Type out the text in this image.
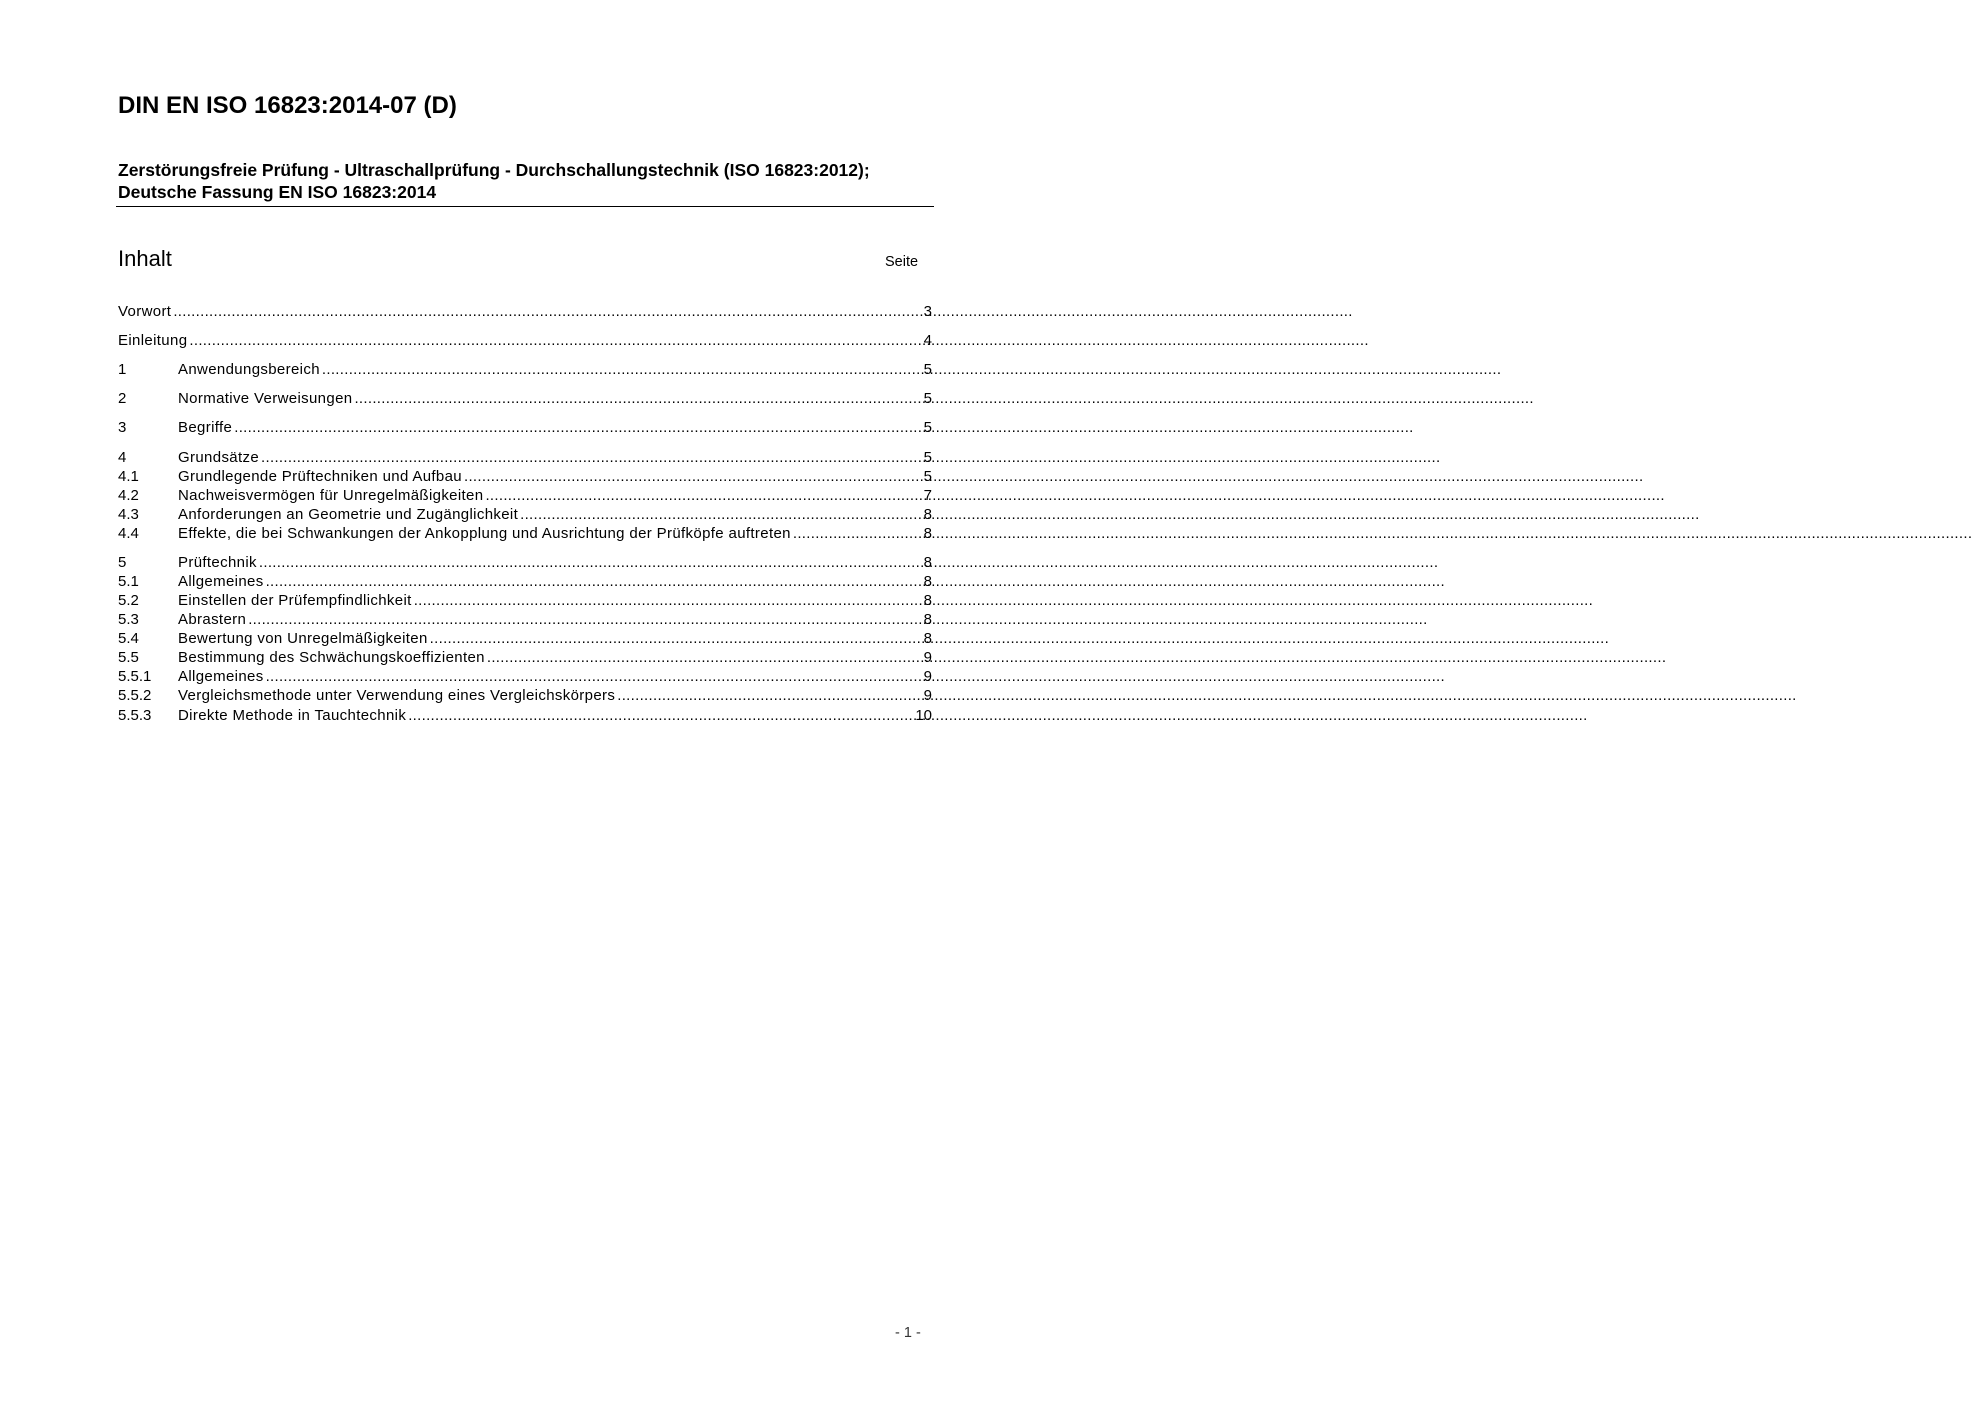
DIN EN ISO 16823:2014-07 (D)
Zerstörungsfreie Prüfung - Ultraschallprüfung - Durchschallungstechnik (ISO 16823:2012); Deutsche Fassung EN ISO 16823:2014
Inhalt	Seite
Vorwort .....	3
Einleitung .....	4
1	Anwendungsbereich .....	5
2	Normative Verweisungen .....	5
3	Begriffe .....	5
4	Grundsätze .....	5
4.1	Grundlegende Prüftechniken und Aufbau .....	5
4.2	Nachweisvermögen für Unregelmäßigkeiten .....	7
4.3	Anforderungen an Geometrie und Zugänglichkeit .....	8
4.4	Effekte, die bei Schwankungen der Ankopplung und Ausrichtung der Prüfköpfe auftreten .....	8
5	Prüftechnik .....	8
5.1	Allgemeines .....	8
5.2	Einstellen der Prüfempfindlichkeit .....	8
5.3	Abrastern .....	8
5.4	Bewertung von Unregelmäßigkeiten .....	8
5.5	Bestimmung des Schwächungskoeffizienten .....	9
5.5.1	Allgemeines .....	9
5.5.2	Vergleichsmethode unter Verwendung eines Vergleichskörpers .....	9
5.5.3	Direkte Methode in Tauchtechnik .....	10
- 1 -
